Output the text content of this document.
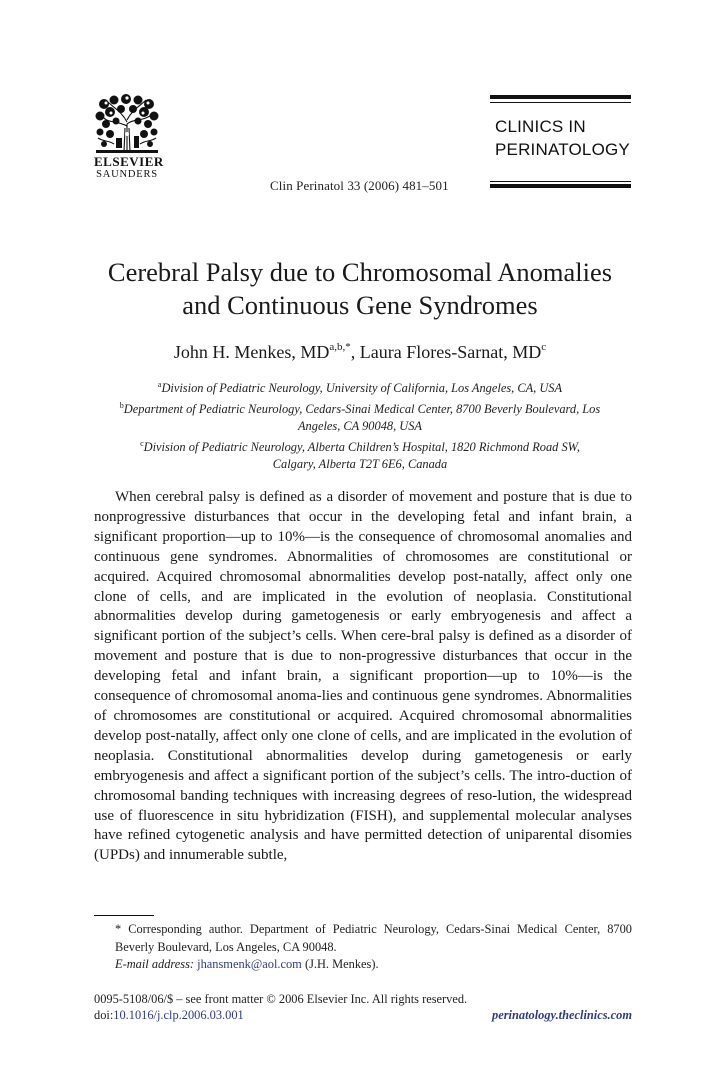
ELSEVIER
SAUNDERS
CLINICS IN
PERINATOLOGY
Clin Perinatol 33 (2006) 481–501
Cerebral Palsy due to Chromosomal Anomalies
and Continuous Gene Syndromes
John H. Menkes, $MD^{a,b,*}$, Laura Flores-Sarnat, $MD^c$
$^a$Division of Pediatric Neurology, University of California, Los Angeles, CA, USA
$^b$Department of Pediatric Neurology, Cedars-Sinai Medical Center, 8700 Beverly Boulevard, Los Angeles, CA 90048, USA
$^c$Division of Pediatric Neurology, Alberta Children’s Hospital, 1820 Richmond Road SW, Calgary, Alberta T2T 6E6, Canada

When cerebral palsy is defined as a disorder of movement and posture that is due to nonprogressive disturbances that occur in the developing fetal and infant brain, a significant proportion—up to 10%—is the consequence of chromosomal anomalies and continuous gene syndromes. Abnormalities of chromosomes are constitutional or acquired. Acquired chromosomal abnormalities develop post-natally, affect only one clone of cells, and are implicated in the evolution of neoplasia. Constitutional abnormalities develop during gametogenesis or early embryogenesis and affect a significant portion of the subject’s cells. When cere-bral palsy is defined as a disorder of movement and posture that is due to non-progressive disturbances that occur in the developing fetal and infant brain, a significant proportion—up to 10%—is the consequence of chromosomal anoma-lies and continuous gene syndromes. Abnormalities of chromosomes are constitutional or acquired. Acquired chromosomal abnormalities develop post-natally, affect only one clone of cells, and are implicated in the evolution of neoplasia. Constitutional abnormalities develop during gametogenesis or early embryogenesis and affect a significant portion of the subject’s cells. The intro-duction of chromosomal banding techniques with increasing degrees of reso-lution, the widespread use of fluorescence in situ hybridization (FISH), and supplemental molecular analyses have refined cytogenetic analysis and have permitted detection of uniparental disomies (UPDs) and innumerable subtle,

* Corresponding author. Department of Pediatric Neurology, Cedars-Sinai Medical Center, 8700 Beverly Boulevard, Los Angeles, CA 90048.
E-mail address: jhansmenk@aol.com (J.H. Menkes).
0095-5108/06/$ – see front matter © 2006 Elsevier Inc. All rights reserved.
doi:10.1016/j.clp.2006.03.001	perinatology.theclinics.com
